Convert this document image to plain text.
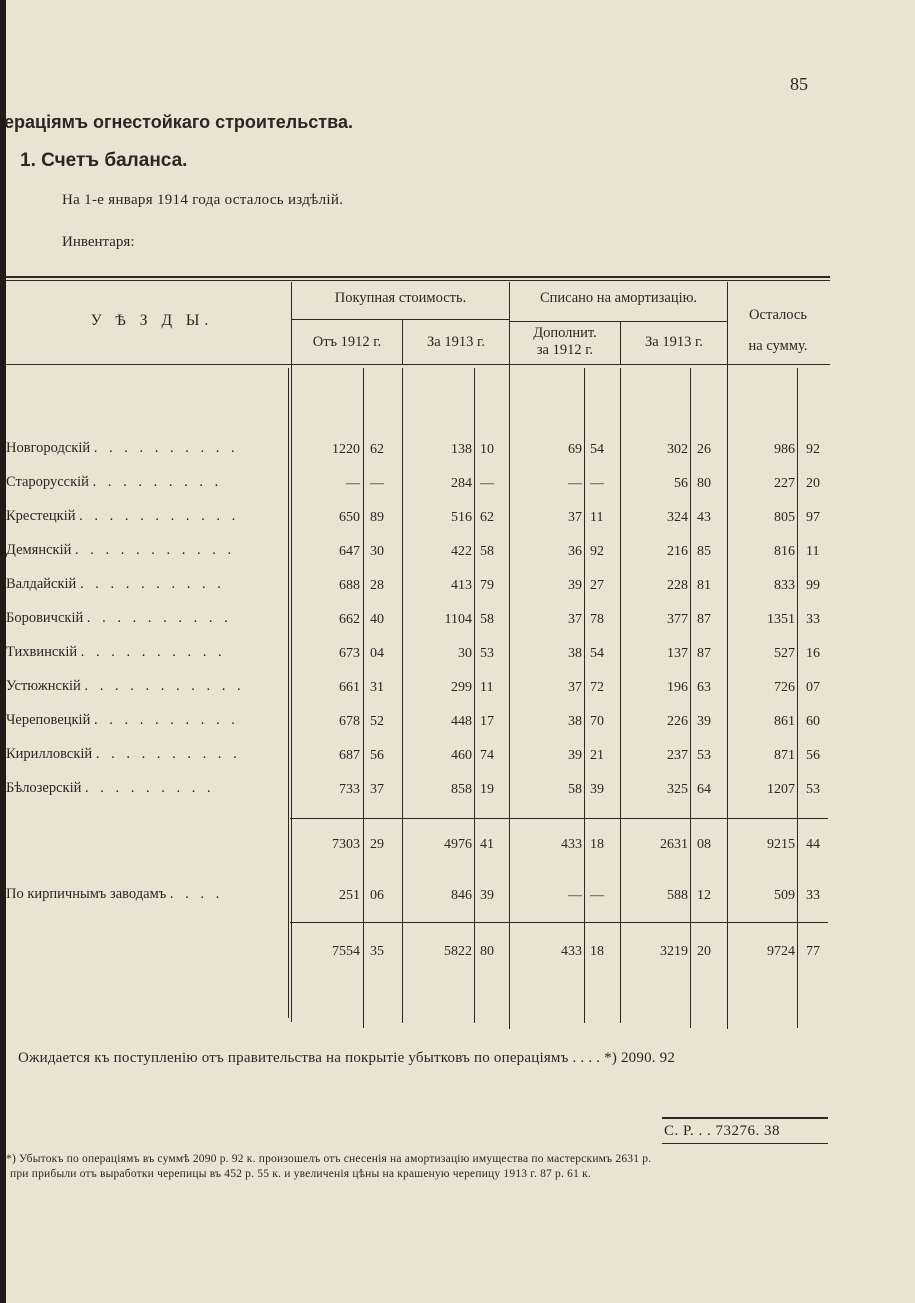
85
ераціямъ огнестойкаго строительства.
1. Счетъ баланса.
На 1-е января 1914 года осталось издѣлій.
Инвентаря:
У Ѣ З Д Ы.
Покупная стоимость.
Отъ 1912 г.	За 1913 г.
Списано на амортизацію.
Дополнит.
за 1912 г.	За 1913 г.
Осталось
на сумму.
Новгородскій . . . . . . . . . .	1220 62	138 10	69 54	302 26	986 92
Старорусскій . . . . . . . . .	— —	284 —	— —	56 80	227 20
Крестецкій . . . . . . . . . . .	650 89	516 62	37 11	324 43	805 97
Демянскій . . . . . . . . . . .	647 30	422 58	36 92	216 85	816 11
Валдайскій . . . . . . . . . .	688 28	413 79	39 27	228 81	833 99
Боровичскій . . . . . . . . . .	662 40	1104 58	37 78	377 87	1351 33
Тихвинскій . . . . . . . . . .	673 04	30 53	38 54	137 87	527 16
Устюжнскій . . . . . . . . . . .	661 31	299 11	37 72	196 63	726 07
Череповецкій . . . . . . . . . .	678 52	448 17	38 70	226 39	861 60
Кирилловскій . . . . . . . . . .	687 56	460 74	39 21	237 53	871 56
Бѣлозерскій . . . . . . . . .	733 37	858 19	58 39	325 64	1207 53
7303 29	4976 41	433 18	2631 08	9215 44
По кирпичнымъ заводамъ . . . .	251 06	846 39	— —	588 12	509 33
7554 35	5822 80	433 18	3219 20	9724 77
Ожидается къ поступленію отъ правительства на покрытіе убытковъ по операціямъ . . . . *) 2090. 92
С. Р. . . 73276. 38
*) Убытокъ по операціямъ въ суммѣ 2090 р. 92 к. произошелъ отъ снесенія на амортизацію имущества по мастерскимъ 2631 р.
при прибыли отъ выработки черепицы въ 452 р. 55 к. и увеличенія цѣны на крашеную черепицу 1913 г. 87 р. 61 к.
